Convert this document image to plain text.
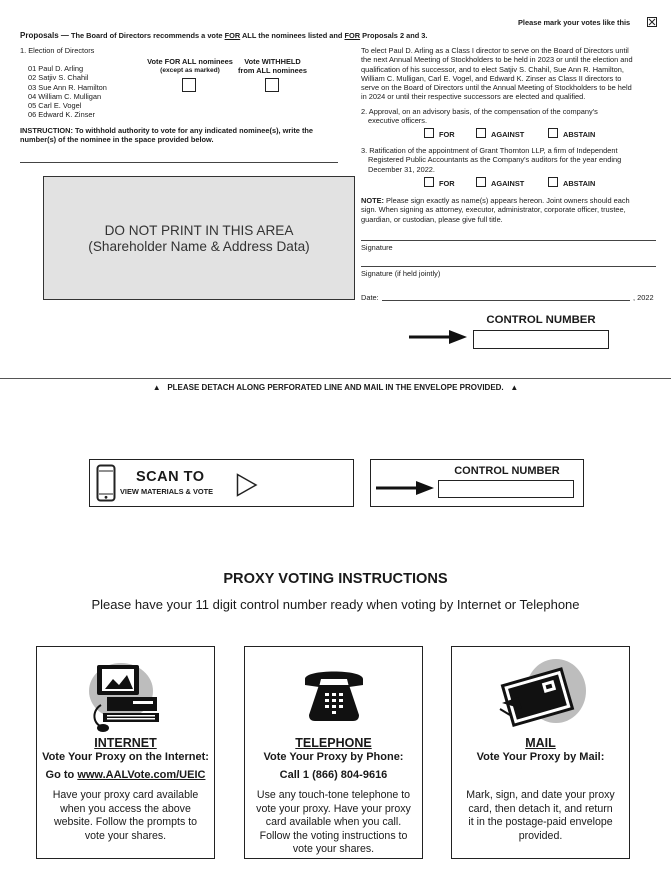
Please mark your votes like this
Proposals — The Board of Directors recommends a vote FOR ALL the nominees listed and FOR Proposals 2 and 3.
1. Election of Directors
01 Paul D. Arling
02 Satjiv S. Chahil
03 Sue Ann R. Hamilton
04 William C. Mulligan
05 Carl E. Vogel
06 Edward K. Zinser
Vote FOR ALL nominees
(except as marked)
Vote WITHHELD
from ALL nominees
INSTRUCTION: To withhold authority to vote for any indicated nominee(s), write the
number(s) of the nominee in the space provided below.
DO NOT PRINT IN THIS AREA
(Shareholder Name & Address Data)
To elect Paul D. Arling as a Class I director to serve on the Board of Directors until
the next Annual Meeting of Stockholders to be held in 2023 or until the election and
qualification of his successor, and to elect Satjiv S. Chahil, Sue Ann R. Hamilton,
William C. Mulligan, Carl E. Vogel, and Edward K. Zinser as Class II directors to
serve on the Board of Directors until the Annual Meeting of Stockholders to be held
in 2024 or until their respective successors are elected and qualified.
2. Approval, on an advisory basis, of the compensation of the company's
executive officers.
FOR	AGAINST	ABSTAIN
3. Ratification of the appointment of Grant Thornton LLP, a firm of Independent
Registered Public Accountants as the Company's auditors for the year ending
December 31, 2022.
FOR	AGAINST	ABSTAIN
NOTE: Please sign exactly as name(s) appears hereon. Joint owners should each
sign. When signing as attorney, executor, administrator, corporate officer, trustee,
guardian, or custodian, please give full title.
Signature
Signature (if held jointly)
Date:	, 2022
CONTROL NUMBER
▲ PLEASE DETACH ALONG PERFORATED LINE AND MAIL IN THE ENVELOPE PROVIDED. ▲
SCAN TO
VIEW MATERIALS & VOTE
CONTROL NUMBER
PROXY VOTING INSTRUCTIONS
Please have your 11 digit control number ready when voting by Internet or Telephone
INTERNET
Vote Your Proxy on the Internet:
Go to www.AALVote.com/UEIC
Have your proxy card available
when you access the above
website. Follow the prompts to
vote your shares.
TELEPHONE
Vote Your Proxy by Phone:
Call 1 (866) 804-9616
Use any touch-tone telephone to
vote your proxy. Have your proxy
card available when you call.
Follow the voting instructions to
vote your shares.
MAIL
Vote Your Proxy by Mail:
Mark, sign, and date your proxy
card, then detach it, and return
it in the postage-paid envelope
provided.
